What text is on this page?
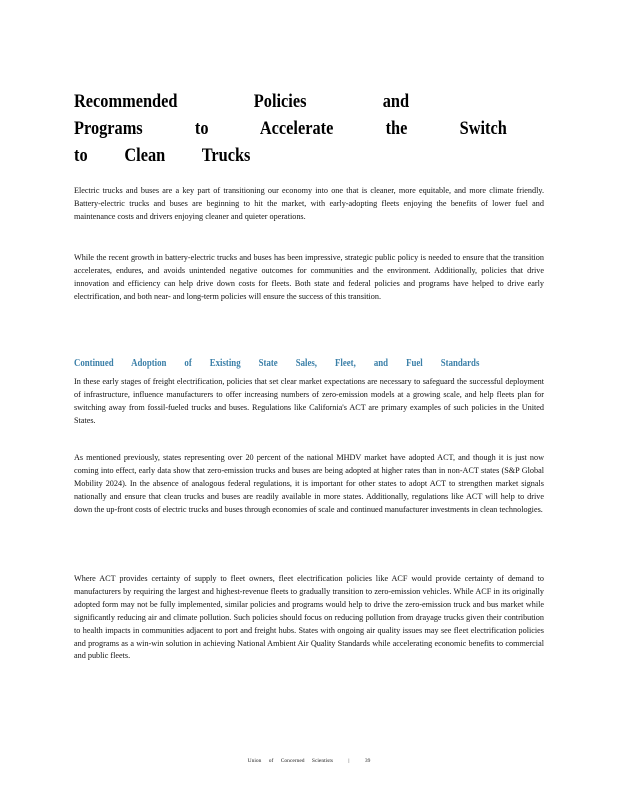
Recommended Policies and
Programs to Accelerate the Switch
to Clean Trucks

Electric trucks and buses are a key part of transitioning our economy into one that is cleaner, more equitable, and more climate friendly. Battery-electric trucks and buses are beginning to hit the market, with early-adopting fleets enjoying the benefits of lower fuel and maintenance costs and drivers enjoying cleaner and quieter operations.

While the recent growth in battery-electric trucks and buses has been impressive, strategic public policy is needed to ensure that the transition accelerates, endures, and avoids unintended negative outcomes for communities and the environment. Additionally, policies that drive innovation and efficiency can help drive down costs for fleets. Both state and federal policies and programs have helped to drive early electrification, and both near- and long-term policies will ensure the success of this transition.

Continued Adoption of Existing State Sales, Fleet, and Fuel Standards

In these early stages of freight electrification, policies that set clear market expectations are necessary to safeguard the successful deployment of infrastructure, influence manufacturers to offer increasing numbers of zero-emission models at a growing scale, and help fleets plan for switching away from fossil-fueled trucks and buses. Regulations like California's ACT are primary examples of such policies in the United States.

As mentioned previously, states representing over 20 percent of the national MHDV market have adopted ACT, and though it is just now coming into effect, early data show that zero-emission trucks and buses are being adopted at higher rates than in non-ACT states (S&P Global Mobility 2024). In the absence of analogous federal regulations, it is important for other states to adopt ACT to strengthen market signals nationally and ensure that clean trucks and buses are readily available in more states. Additionally, regulations like ACT will help to drive down the up-front costs of electric trucks and buses through economies of scale and continued manufacturer investments in clean technologies.

Where ACT provides certainty of supply to fleet owners, fleet electrification policies like ACF would provide certainty of demand to manufacturers by requiring the largest and highest-revenue fleets to gradually transition to zero-emission vehicles. While ACF in its originally adopted form may not be fully implemented, similar policies and programs would help to drive the zero-emission truck and bus market while significantly reducing air and climate pollution. Such policies should focus on reducing pollution from drayage trucks given their contribution to health impacts in communities adjacent to port and freight hubs. States with ongoing air quality issues may see fleet electrification policies and programs as a win-win solution in achieving National Ambient Air Quality Standards while accelerating economic benefits to commercial and public fleets.

Union of Concerned Scientists	|	39
